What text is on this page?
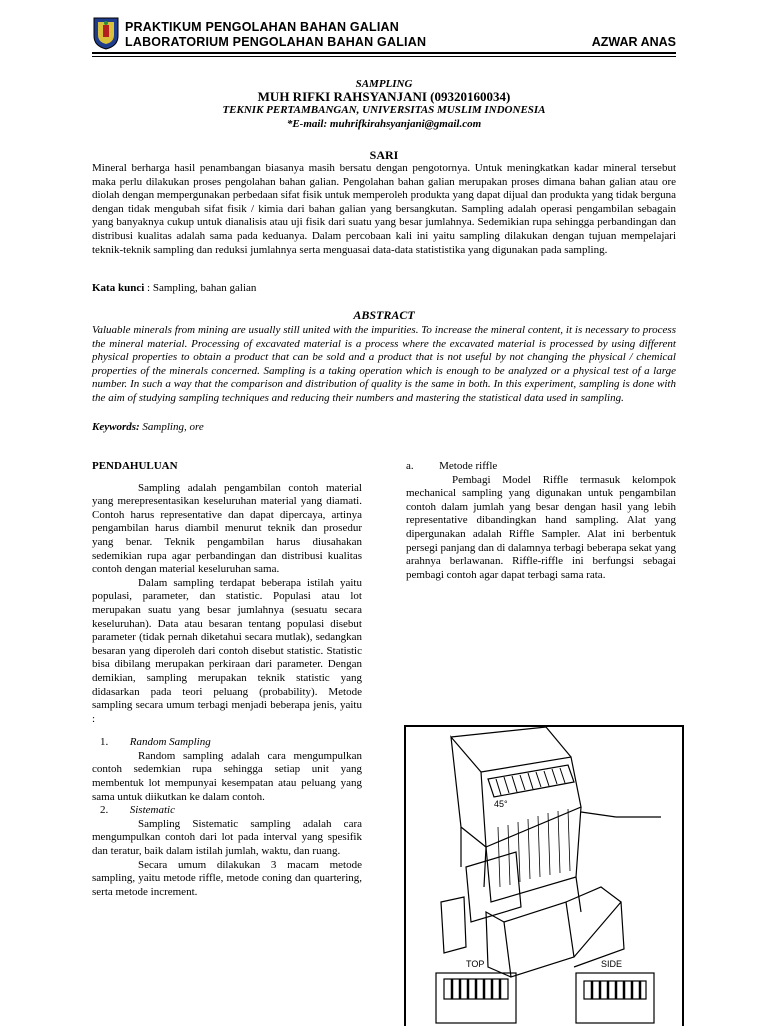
PRAKTIKUM PENGOLAHAN BAHAN GALIAN
LABORATORIUM PENGOLAHAN BAHAN GALIAN	AZWAR ANAS
SAMPLING
MUH RIFKI RAHSYANJANI (09320160034)
TEKNIK PERTAMBANGAN, UNIVERSITAS MUSLIM INDONESIA
*E-mail: muhrifkirahsyanjani@gmail.com
SARI

Mineral berharga hasil penambangan biasanya masih bersatu dengan pengotornya. Untuk meningkatkan kadar mineral tersebut maka perlu dilakukan proses pengolahan bahan galian. Pengolahan bahan galian merupakan proses dimana bahan galian atau ore diolah dengan mempergunakan perbedaan sifat fisik untuk memperoleh produkta yang dapat dijual dan produkta yang tidak berguna dengan tidak mengubah sifat fisik / kimia dari bahan galian yang bersangkutan. Sampling adalah operasi pengambilan sebagain yang banyaknya cukup untuk dianalisis atau uji fisik dari suatu yang besar jumlahnya. Sedemikian rupa sehingga perbandingan dan distribusi kualitas adalah sama pada keduanya. Dalam percobaan kali ini yaitu sampling dilakukan dengan tujuan mempelajari teknik-teknik sampling dan reduksi jumlahnya serta menguasai data-data statististika yang digunakan pada sampling.

Kata kunci : Sampling, bahan galian
ABSTRACT

Valuable minerals from mining are usually still united with the impurities. To increase the mineral content, it is necessary to process the mineral material. Processing of excavated material is a process where the excavated material is processed by using different physical properties to obtain a product that can be sold and a product that is not useful by not changing the physical / chemical properties of the minerals concerned. Sampling is a taking operation which is enough to be analyzed or a physical test of a large number. In such a way that the comparison and distribution of quality is the same in both. In this experiment, sampling is done with the aim of studying sampling techniques and reducing their numbers and mastering the statistical data used in sampling.

Keywords: Sampling, ore

PENDAHULUAN

Sampling adalah pengambilan contoh material yang merepresentasikan keseluruhan material yang diamati. Contoh harus representative dan dapat dipercaya, artinya pengambilan harus diambil menurut teknik dan prosedur yang benar. Teknik pengambilan harus diusahakan sedemikian rupa agar perbandingan dan distribusi kualitas contoh dengan material keseluruhan sama.

Dalam sampling terdapat beberapa istilah yaitu populasi, parameter, dan statistic. Populasi atau lot merupakan suatu yang besar jumlahnya (sesuatu secara keseluruhan). Data atau besaran tentang populasi disebut parameter (tidak pernah diketahui secara mutlak), sedangkan besaran yang diperoleh dari contoh disebut statistic. Statistic bisa dibilang merupakan perkiraan dari parameter. Dengan demikian, sampling merupakan teknik statistic yang didasarkan pada teori peluang (probability). Metode sampling secara umum terbagi menjadi beberapa jenis, yaitu :

1. Random Sampling

Random sampling adalah cara mengumpulkan contoh sedemkian rupa sehingga setiap unit yang membentuk lot mempunyai kesempatan atau peluang yang sama untuk diikutkan ke dalam contoh.

2. Sistematic

Sampling Sistematic sampling adalah cara mengumpulkan contoh dari lot pada interval yang spesifik dan teratur, baik dalam istilah jumlah, waktu, dan ruang.

Secara umum dilakukan 3 macam metode sampling, yaitu metode riffle, metode coning dan quartering, serta metode increment.

a. Metode riffle

Pembagi Model Riffle termasuk kelompok mechanical sampling yang digunakan untuk pengambilan contoh dalam jumlah yang besar dengan hasil yang lebih representative dibandingkan hand sampling. Alat yang dipergunakan adalah Riffle Sampler. Alat ini berbentuk persegi panjang dan di dalamnya terbagi beberapa sekat yang arahnya berlawanan. Riffle-riffle ini berfungsi sebagai pembagi contoh agar dapat terbagi sama rata.

45°
TOP	SIDE
